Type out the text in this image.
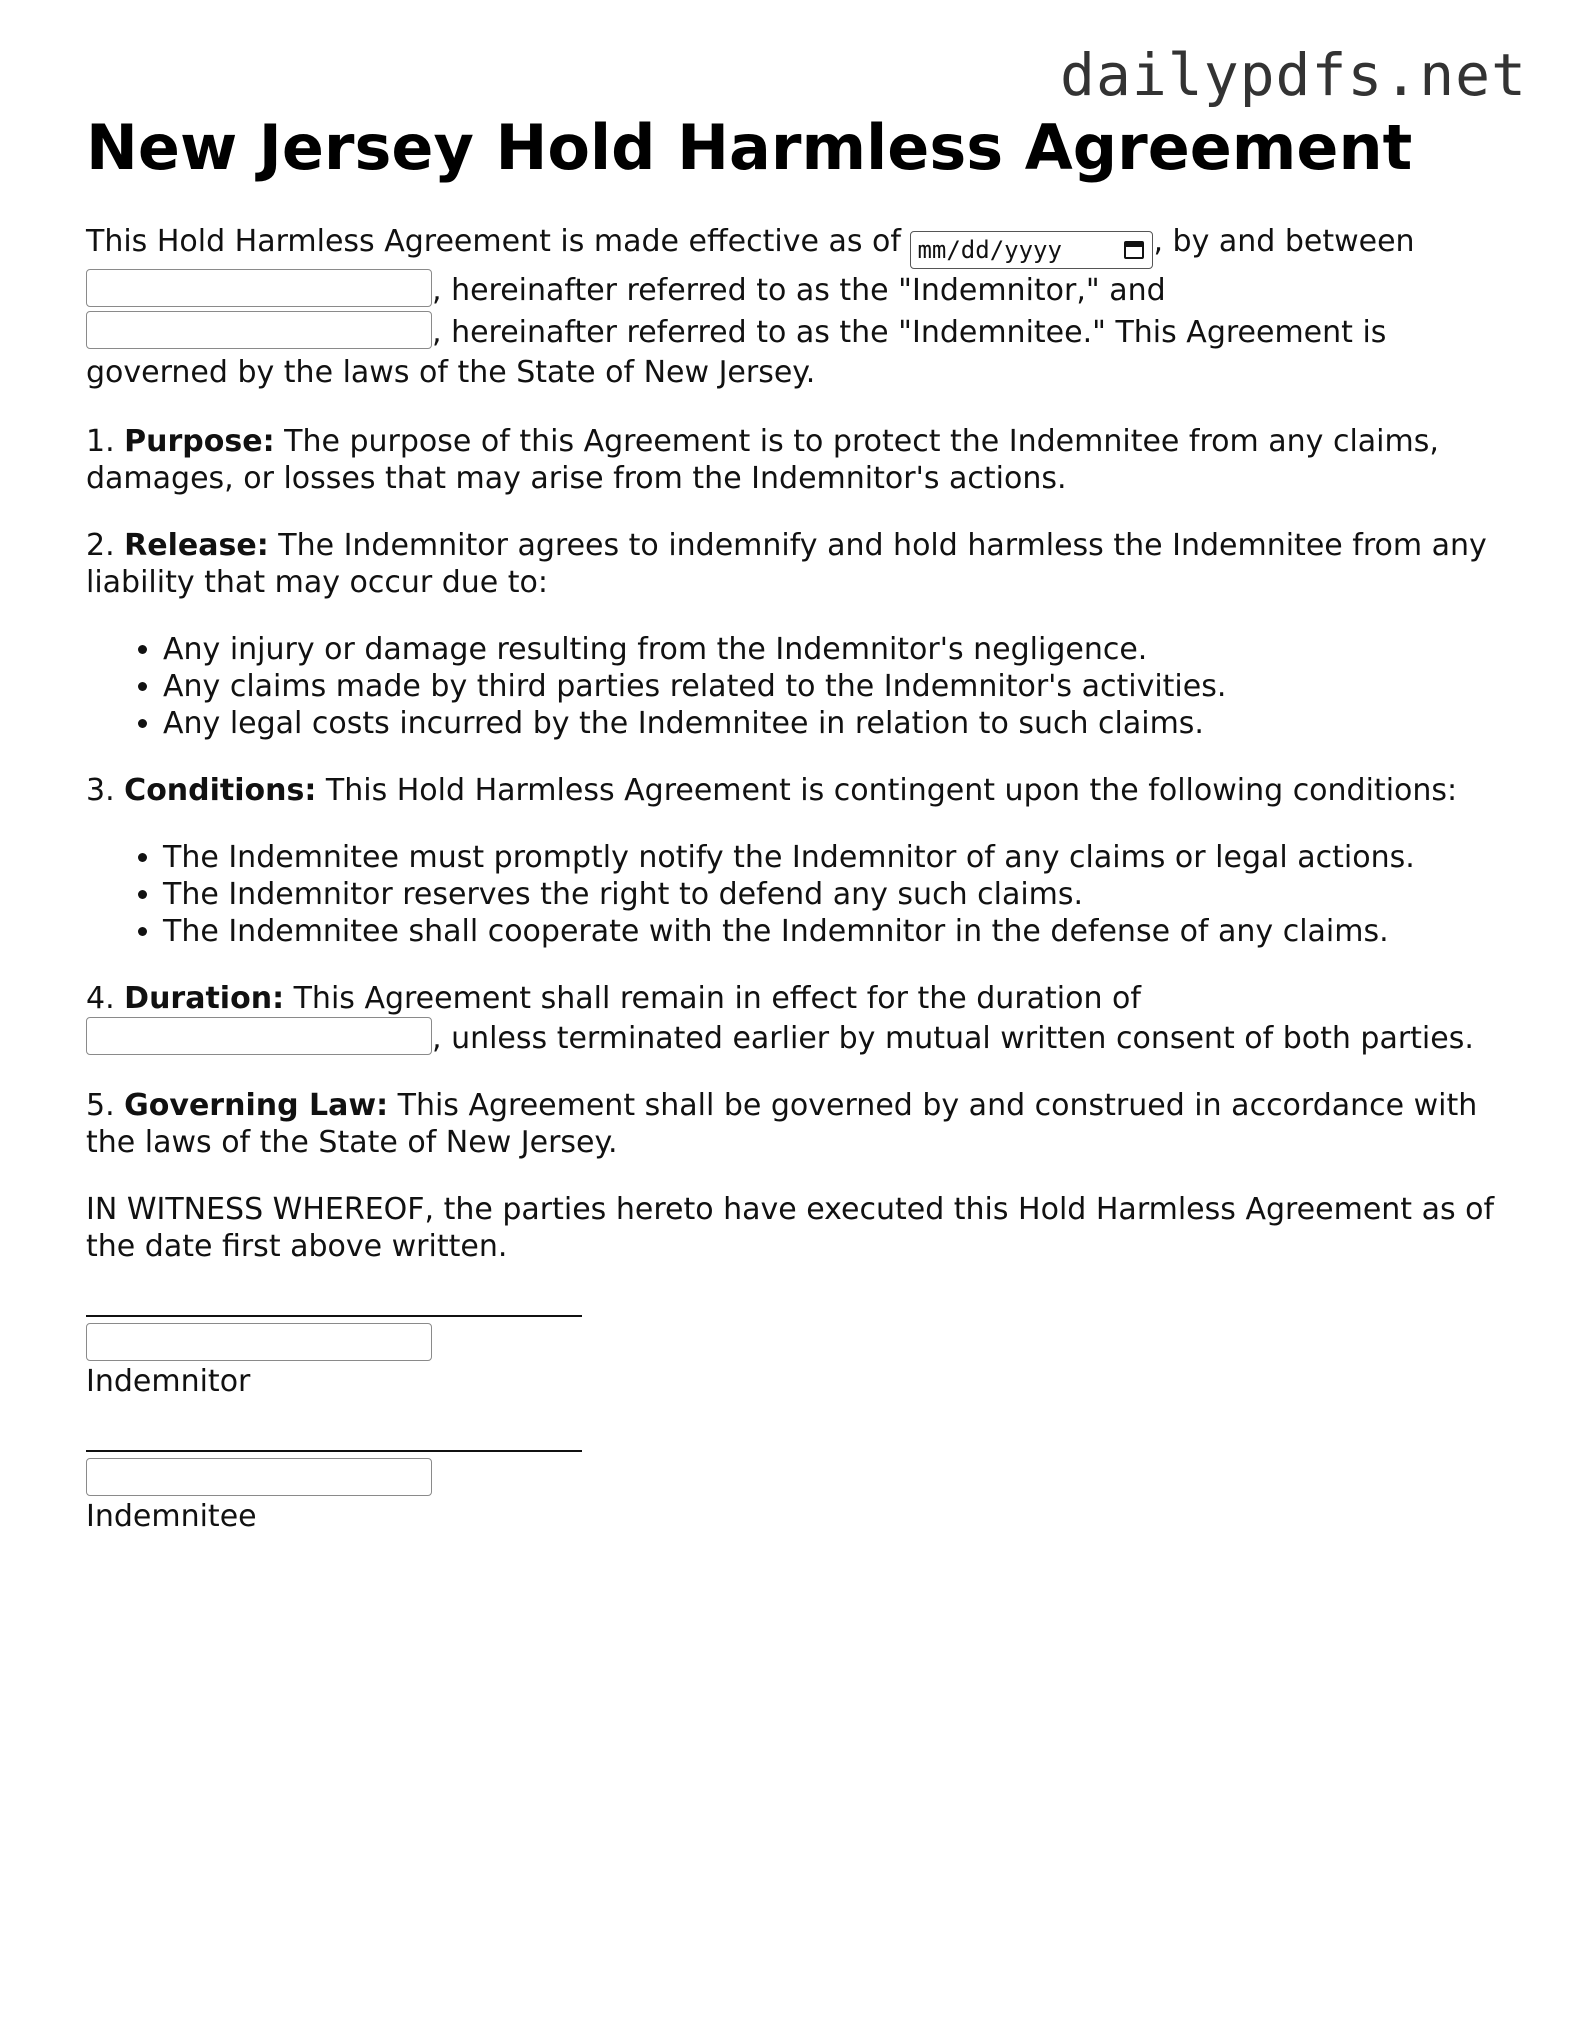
dailypdfs.net
New Jersey Hold Harmless Agreement

This Hold Harmless Agreement is made effective as of mm/dd/yyyy	, by and between
, hereinafter referred to as the "Indemnitor," and
, hereinafter referred to as the "Indemnitee." This Agreement is governed by the laws of the State of New Jersey.

1. Purpose: The purpose of this Agreement is to protect the Indemnitee from any claims, damages, or losses that may arise from the Indemnitor's actions.

2. Release: The Indemnitor agrees to indemnify and hold harmless the Indemnitee from any liability that may occur due to:

• Any injury or damage resulting from the Indemnitor's negligence.
• Any claims made by third parties related to the Indemnitor's activities.
• Any legal costs incurred by the Indemnitee in relation to such claims.

3. Conditions: This Hold Harmless Agreement is contingent upon the following conditions:

• The Indemnitee must promptly notify the Indemnitor of any claims or legal actions.
• The Indemnitor reserves the right to defend any such claims.
• The Indemnitee shall cooperate with the Indemnitor in the defense of any claims.

4. Duration: This Agreement shall remain in effect for the duration of
, unless terminated earlier by mutual written consent of both parties.

5. Governing Law: This Agreement shall be governed by and construed in accordance with the laws of the State of New Jersey.

IN WITNESS WHEREOF, the parties hereto have executed this Hold Harmless Agreement as of the date first above written.

Indemnitor
Indemnitee
